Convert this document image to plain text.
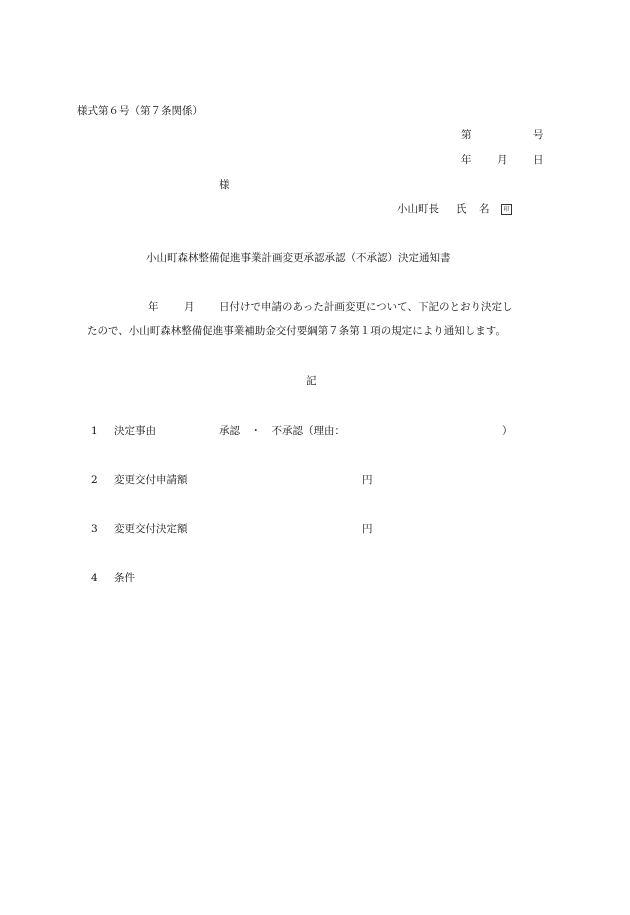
様式第６号（第７条関係）
第	号
年 月 日
様
小山町長 氏 名	印
小山町森林整備促進事業計画変更承認承認（不承認）決定通知書
年 月 日付けで申請のあった計画変更について、下記のとおり決定し
たので、小山町森林整備促進事業補助金交付要綱第７条第１項の規定により通知します。
記
1 決定事由	承認　・　不承認（理由：	）
2 変更交付申請額	円
3 変更交付決定額	円
4 条件
